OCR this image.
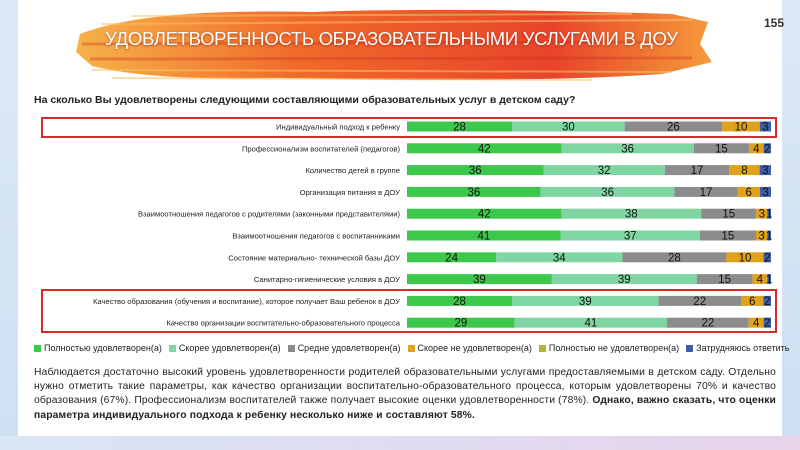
УДОВЛЕТВОРЕННОСТЬ ОБРАЗОВАТЕЛЬНЫМИ УСЛУГАМИ В ДОУ
155
На сколько Вы удовлетворены следующими составляющими образовательных услуг в детском саду?
Индивидуальный подход к ребенку	28	30	26	10 3
Профессионализм воспитателей (педагогов)	42	36	15 4 2
Количество детей в группе	36	32	17	8 3
Организация питания в ДОУ	36	36	17	6 3
Взаимоотношения педагогов с родителями (законными представителями)	42	38	15 3 1
Взаимоотношения педагогов с воспитанниками	41	37	15 3 1
Состояние материально- технической базы ДОУ	24	34	28	10 2
Санитарно-гигиенические условия в ДОУ	39	39	15 4 1
Качество образования (обучения и воспитание), которое получает Ваш ребенок в ДОУ	28	39	22	6 2
Качество организации воспитательно-образовательного процесса	29	41	22	4 2
Полностью удовлетворен(а) Скорее удовлетворен(а) Средне удовлетворен(а) Скорее не удовлетворен(а) Полностью не удовлетворен(а) Затрудняюсь ответить
Наблюдается достаточно высокий уровень удовлетворенности родителей образовательными услугами предоставляемыми в детском саду. Отдельно нужно отметить такие параметры, как качество организации воспитательно-образовательного процесса, которым удовлетворены 70% и качество образования (67%). Профессионализм воспитателей также получает высокие оценки удовлетворенности (78%). Однако, важно сказать, что оценки параметра индивидуального подхода к ребенку несколько ниже и составляют 58%.
